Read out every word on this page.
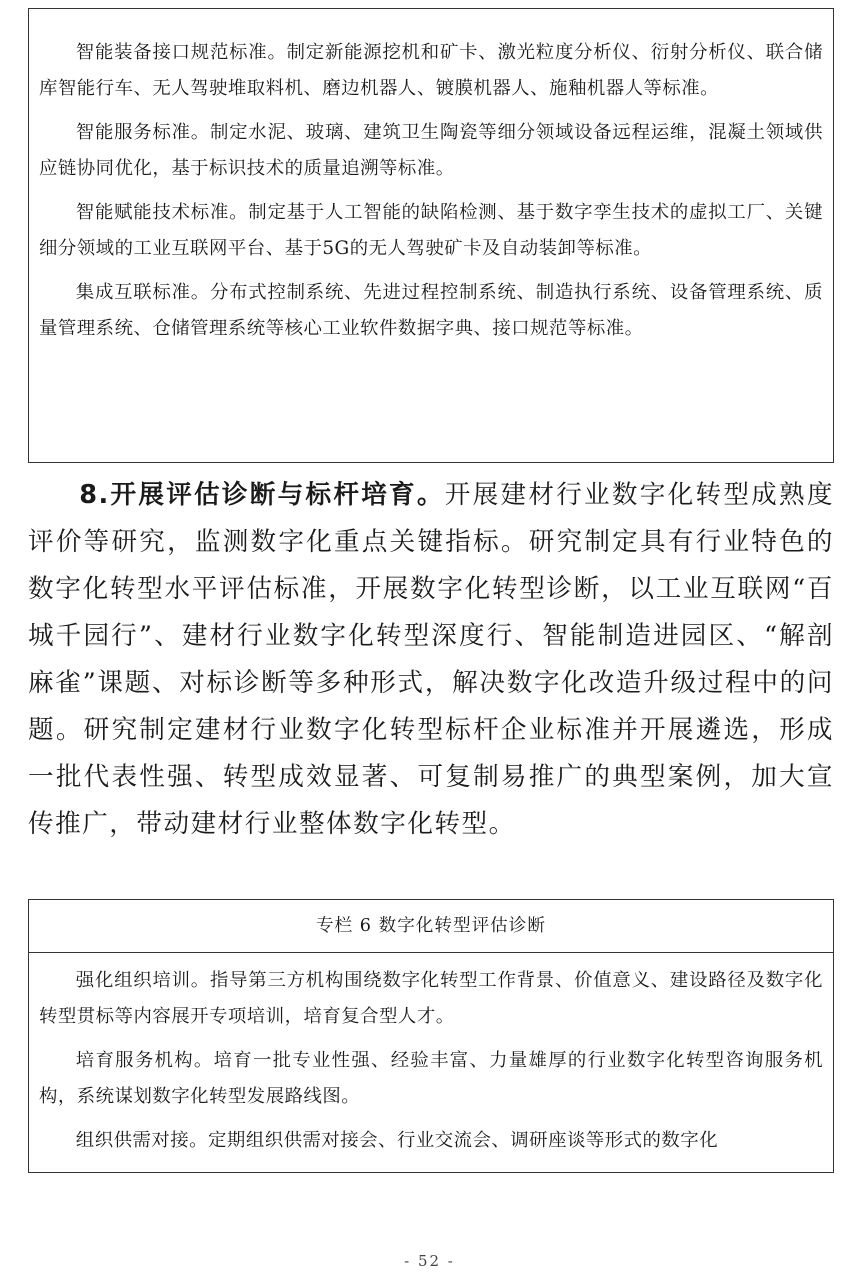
智能装备接口规范标准。制定新能源挖机和矿卡、激光粒度分析仪、衍射分析仪、联合储库智能行车、无人驾驶堆取料机、磨边机器人、镀膜机器人、施釉机器人等标准。

智能服务标准。制定水泥、玻璃、建筑卫生陶瓷等细分领域设备远程运维，混凝土领域供应链协同优化，基于标识技术的质量追溯等标准。

智能赋能技术标准。制定基于人工智能的缺陷检测、基于数字孪生技术的虚拟工厂、关键细分领域的工业互联网平台、基于5G的无人驾驶矿卡及自动装卸等标准。

集成互联标准。分布式控制系统、先进过程控制系统、制造执行系统、设备管理系统、质量管理系统、仓储管理系统等核心工业软件数据字典、接口规范等标准。

8.开展评估诊断与标杆培育。开展建材行业数字化转型成熟度评价等研究，监测数字化重点关键指标。研究制定具有行业特色的数字化转型水平评估标准，开展数字化转型诊断，以工业互联网“百城千园行”、建材行业数字化转型深度行、智能制造进园区、“解剖麻雀”课题、对标诊断等多种形式，解决数字化改造升级过程中的问题。研究制定建材行业数字化转型标杆企业标准并开展遴选，形成一批代表性强、转型成效显著、可复制易推广的典型案例，加大宣传推广，带动建材行业整体数字化转型。

专栏 6 数字化转型评估诊断

强化组织培训。指导第三方机构围绕数字化转型工作背景、价值意义、建设路径及数字化转型贯标等内容展开专项培训，培育复合型人才。

培育服务机构。培育一批专业性强、经验丰富、力量雄厚的行业数字化转型咨询服务机构，系统谋划数字化转型发展路线图。

组织供需对接。定期组织供需对接会、行业交流会、调研座谈等形式的数字化

- 52 -
